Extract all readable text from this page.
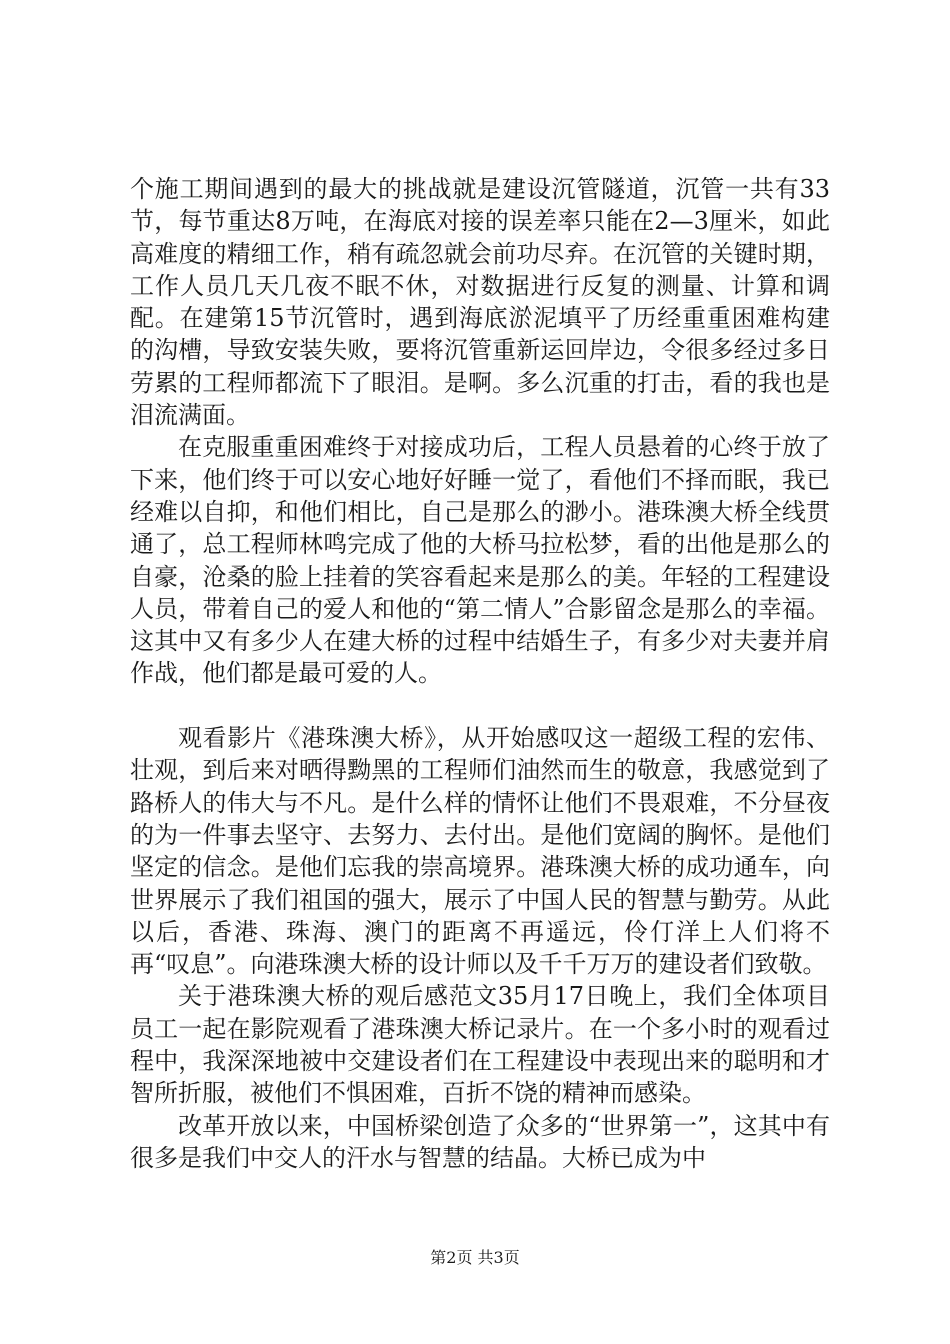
个施工期间遇到的最大的挑战就是建设沉管隧道，沉管一共有33节，每节重达8万吨，在海底对接的误差率只能在2—3厘米，如此高难度的精细工作，稍有疏忽就会前功尽弃。在沉管的关键时期，工作人员几天几夜不眠不休，对数据进行反复的测量、计算和调配。在建第15节沉管时，遇到海底淤泥填平了历经重重困难构建的沟槽，导致安装失败，要将沉管重新运回岸边，令很多经过多日劳累的工程师都流下了眼泪。是啊。多么沉重的打击，看的我也是泪流满面。

在克服重重困难终于对接成功后，工程人员悬着的心终于放了下来，他们终于可以安心地好好睡一觉了，看他们不择而眠，我已经难以自抑，和他们相比，自己是那么的渺小。港珠澳大桥全线贯通了，总工程师林鸣完成了他的大桥马拉松梦，看的出他是那么的自豪，沧桑的脸上挂着的笑容看起来是那么的美。年轻的工程建设人员，带着自己的爱人和他的“第二情人”合影留念是那么的幸福。这其中又有多少人在建大桥的过程中结婚生子，有多少对夫妻并肩作战，他们都是最可爱的人。

观看影片《港珠澳大桥》，从开始感叹这一超级工程的宏伟、壮观，到后来对晒得黝黑的工程师们油然而生的敬意，我感觉到了路桥人的伟大与不凡。是什么样的情怀让他们不畏艰难，不分昼夜的为一件事去坚守、去努力、去付出。是他们宽阔的胸怀。是他们坚定的信念。是他们忘我的崇高境界。港珠澳大桥的成功通车，向世界展示了我们祖国的强大，展示了中国人民的智慧与勤劳。从此以后，香港、珠海、澳门的距离不再遥远，伶仃洋上人们将不再“叹息”。向港珠澳大桥的设计师以及千千万万的建设者们致敬。

关于港珠澳大桥的观后感范文35月17日晚上，我们全体项目员工一起在影院观看了港珠澳大桥记录片。在一个多小时的观看过程中，我深深地被中交建设者们在工程建设中表现出来的聪明和才智所折服，被他们不惧困难，百折不饶的精神而感染。

改革开放以来，中国桥梁创造了众多的“世界第一”，这其中有很多是我们中交人的汗水与智慧的结晶。大桥已成为中

第2页 共3页
